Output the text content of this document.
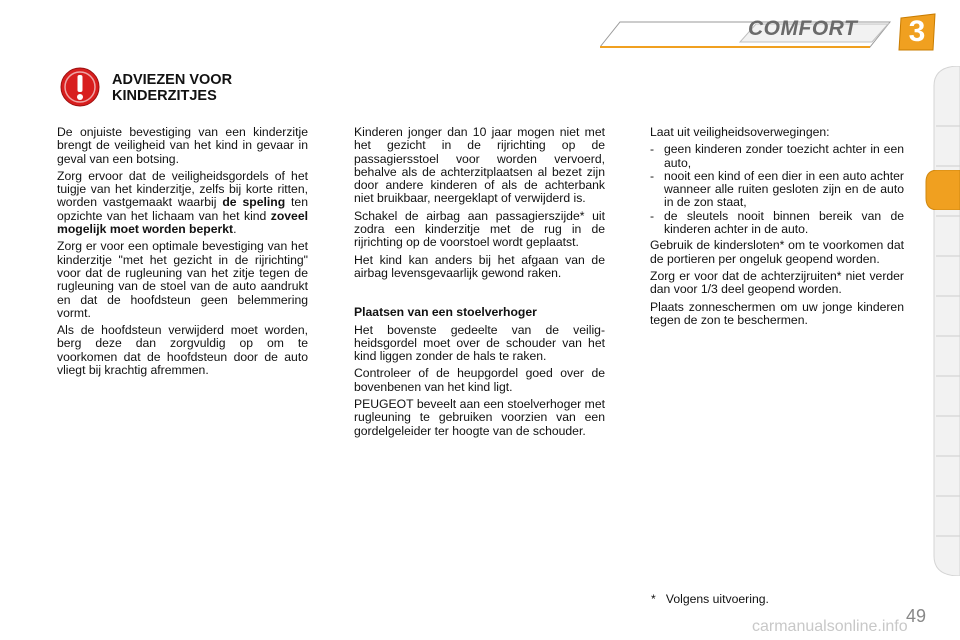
COMFORT	3
ADVIEZEN VOOR
KINDERZITJES

De onjuiste bevestiging van een kinderzitje brengt de veiligheid van het kind in gevaar in geval van een botsing.

Zorg ervoor dat de veiligheidsgordels of het tuigje van het kinderzitje, zelfs bij korte ritten, worden vastgemaakt waarbij de speling ten opzichte van het lichaam van het kind zoveel mogelijk moet worden beperkt.

Zorg er voor een optimale bevestiging van het kinderzitje "met het gezicht in de rijrichting" voor dat de rugleuning van het zitje tegen de rugleuning van de stoel van de auto aandrukt en dat de hoofdsteun geen belemmering vormt.

Als de hoofdsteun verwijderd moet worden, berg deze dan zorgvuldig op om te voorkomen dat de hoofdsteun door de auto vliegt bij krachtig afremmen.

Kinderen jonger dan 10 jaar mogen niet met het gezicht in de rijrichting op de passagiersstoel voor worden vervoerd, behalve als de achterzitplaatsen al bezet zijn door andere kinderen of als de achterbank niet bruikbaar, neergeklapt of verwijderd is.

Schakel de airbag aan passagierszijde* uit zodra een kinderzitje met de rug in de rijrichting op de voorstoel wordt geplaatst.

Het kind kan anders bij het afgaan van de airbag levensgevaarlijk gewond raken.

Plaatsen van een stoelverhoger

Het bovenste gedeelte van de veiligheidsgordel moet over de schouder van het kind liggen zonder de hals te raken.

Controleer of de heupgordel goed over de bovenbenen van het kind ligt.

PEUGEOT beveelt aan een stoelverhoger met rugleuning te gebruiken voorzien van een gordelgeleider ter hoogte van de schouder.

Laat uit veiligheidsoverwegingen:

- geen kinderen zonder toezicht achter in een auto,
- nooit een kind of een dier in een auto achter wanneer alle ruiten gesloten zijn en de auto in de zon staat,
- de sleutels nooit binnen bereik van de kinderen achter in de auto.

Gebruik de kindersloten* om te voorkomen dat de portieren per ongeluk geopend worden.

Zorg er voor dat de achterzijruiten* niet verder dan voor 1/3 deel geopend worden.

Plaats zonneschermen om uw jonge kinderen tegen de zon te beschermen.

*   Volgens uitvoering.
carmanualsonline.info
49
